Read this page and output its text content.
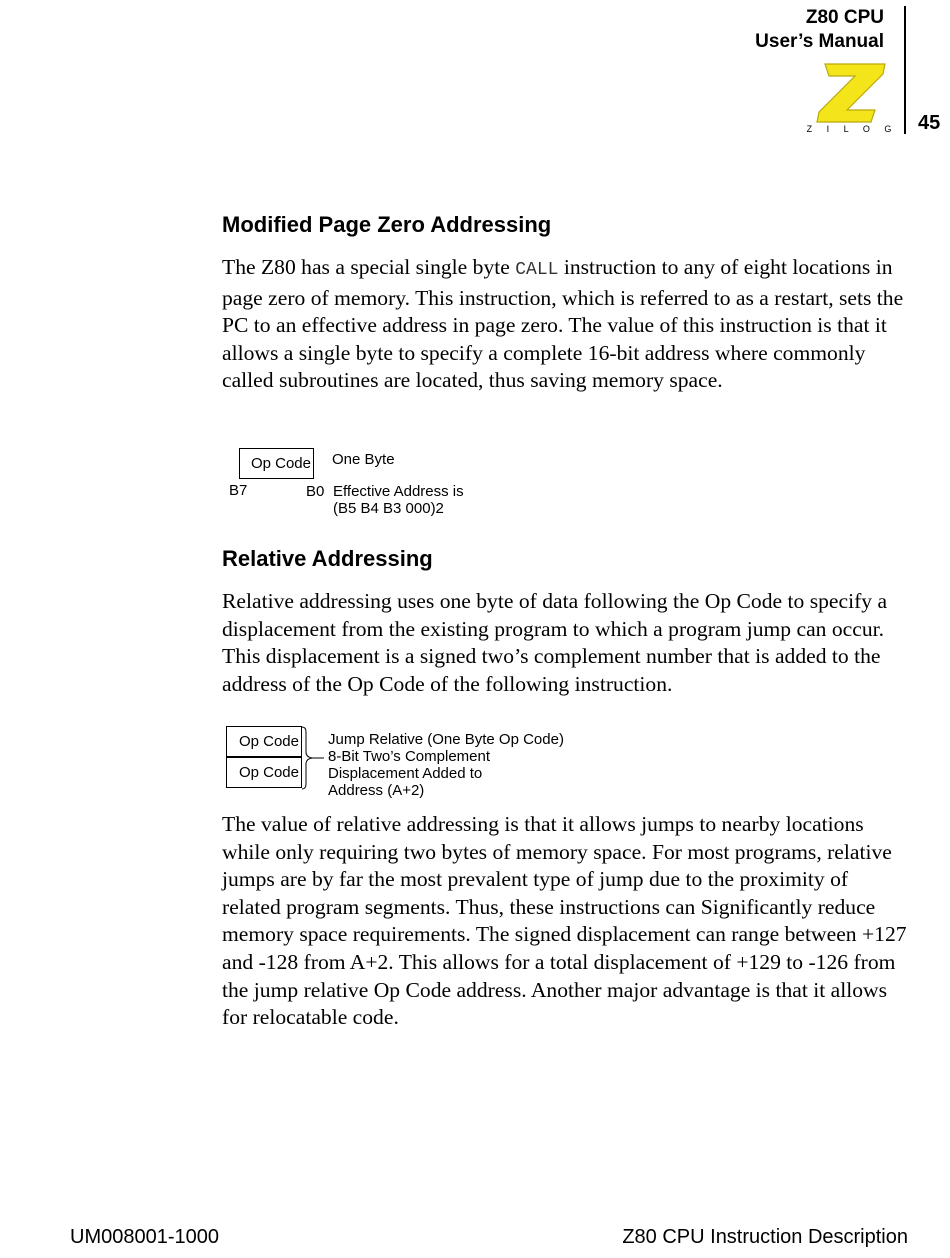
Z80 CPU
User’s Manual
45
Z I L O G
Modified Page Zero Addressing

The Z80 has a special single byte CALL instruction to any of eight locations in page zero of memory. This instruction, which is referred to as a restart, sets the PC to an effective address in page zero. The value of this instruction is that it allows a single byte to specify a complete 16-bit address where commonly called subroutines are located, thus saving memory space.

Op Code One Byte
B7	B0 Effective Address is
(B5 B4 B3 000)2
Relative Addressing

Relative addressing uses one byte of data following the Op Code to specify a displacement from the existing program to which a program jump can occur. This displacement is a signed two’s complement number that is added to the address of the Op Code of the following instruction.

Op Code
Op Code
Jump Relative (One Byte Op Code)
8-Bit Two’s Complement
Displacement Added to
Address (A+2)

The value of relative addressing is that it allows jumps to nearby locations while only requiring two bytes of memory space. For most programs, relative jumps are by far the most prevalent type of jump due to the proximity of related program segments. Thus, these instructions can Significantly reduce memory space requirements. The signed displacement can range between +127 and -128 from A+2. This allows for a total displacement of +129 to -126 from the jump relative Op Code address. Another major advantage is that it allows for relocatable code.

UM008001-1000	Z80 CPU Instruction Description
